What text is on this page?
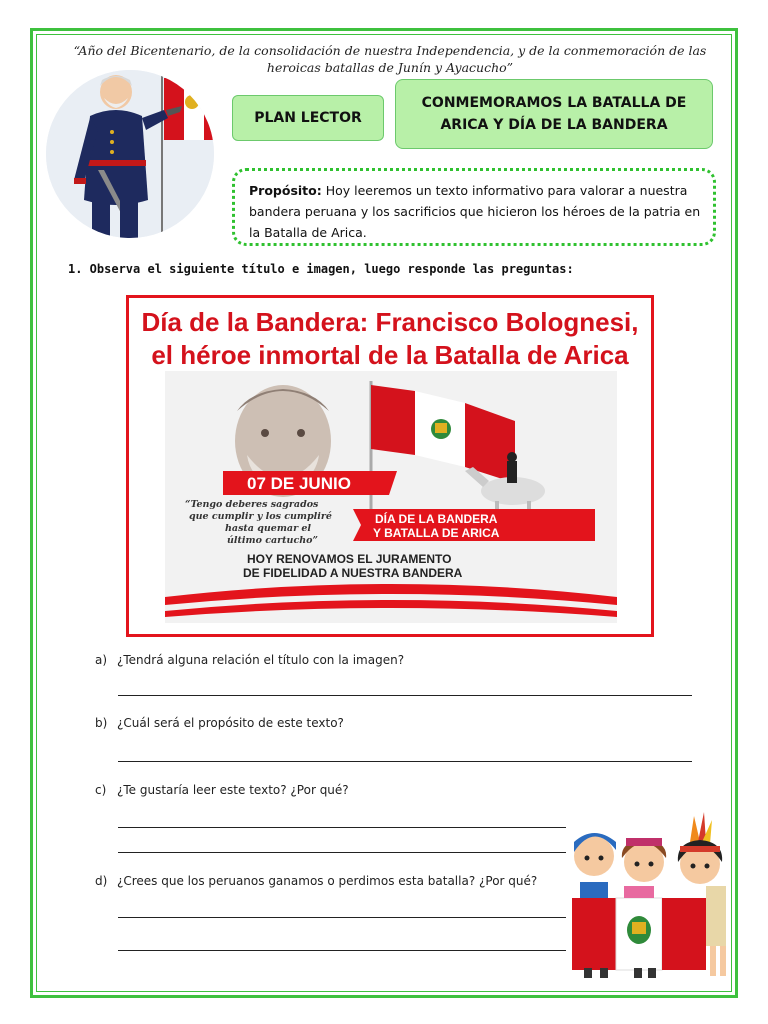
“Año del Bicentenario, de la consolidación de nuestra Independencia, y de la conmemoración de las heroicas batallas de Junín y Ayacucho”
PLAN LECTOR
CONMEMORAMOS LA BATALLA DE ARICA Y DÍA DE LA BANDERA
Propósito: Hoy leeremos un texto informativo para valorar a nuestra bandera peruana y los sacrificios que hicieron los héroes de la patria en la Batalla de Arica.
1. Observa el siguiente título e imagen, luego responde las preguntas:
Día de la Bandera: Francisco Bolognesi,
el héroe inmortal de la Batalla de Arica
07 DE JUNIO
“Tengo deberes sagrados
que cumplir y los cumpliré
hasta quemar el
último cartucho”
DÍA DE LA BANDERA
Y BATALLA DE ARICA
HOY RENOVAMOS EL JURAMENTO
DE FIDELIDAD A NUESTRA BANDERA
a) ¿Tendrá alguna relación el título con la imagen?
b) ¿Cuál será el propósito de este texto?
c) ¿Te gustaría leer este texto? ¿Por qué?
d) ¿Crees que los peruanos ganamos o perdimos esta batalla? ¿Por qué?
